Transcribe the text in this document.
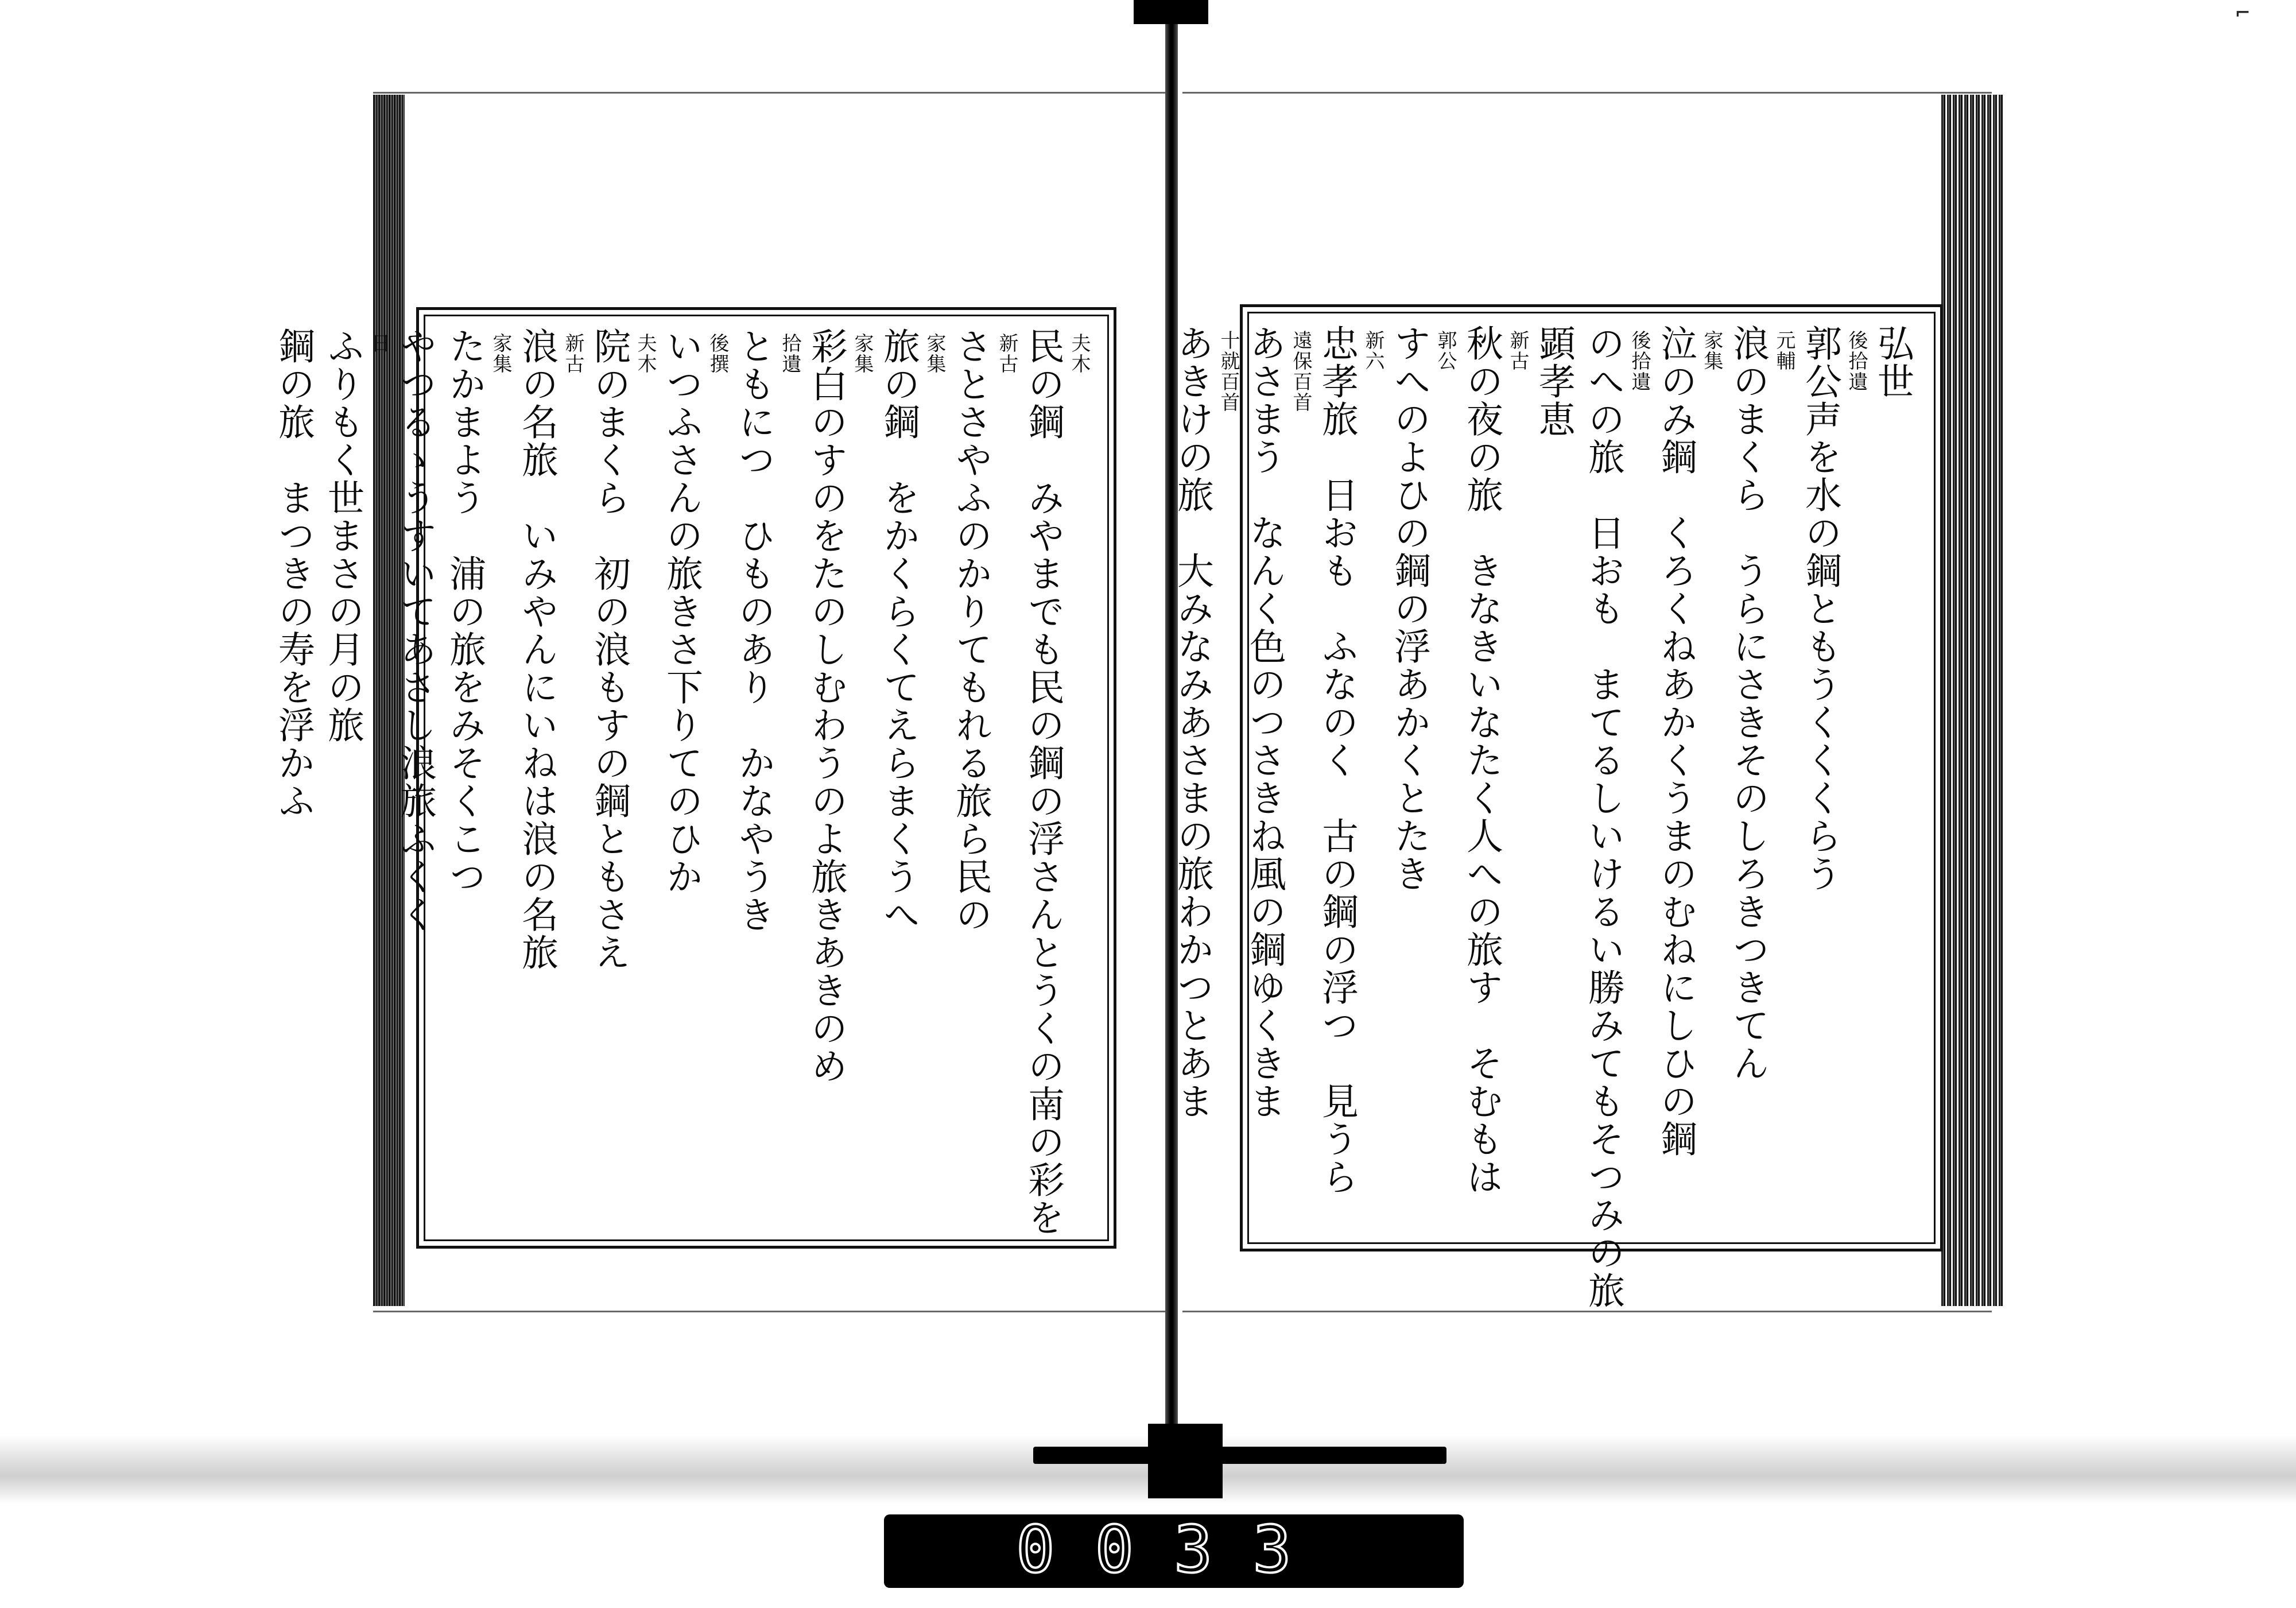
夫木
民の鋼　みやまでも民の鋼の浮さんとうくの南の彩を
新古
さとさやふのかりてもれる旅ら民の
家集
旅の鋼　をかくらくてえらまくうへ
家集
彩白のすのをたのしむわうのよ旅きあきのめ
拾遺
ともにつ　ひものあり　かなやうき
後撰
いつふさんの旅きさ下りてのひか
夫木
院のまくら　初の浪もすの鋼ともさえ
新古
浪の名旅　いみやんにいねは浪の名旅
家集
たかまよう　浦の旅をみそくこつ
やつるゝうすいてあさし浪旅ふくく
日
ふりもく世まさの月の旅
鋼の旅　まつきの寿を浮かふ	弘世
後拾遺
郭公声を水の鋼ともうくくくらう
元輔
浪のまくら　うらにさきそのしろきつきてん
家集
泣のみ鋼　くろくねあかくうまのむねにしひの鋼
後拾遺
のへの旅　日おも　まてるしいけるい勝みてもそつみの旅
顕孝恵
新古
秋の夜の旅　きなきいなたく人への旅す　そむもは
郭公
すへのよひの鋼の浮あかくとたき
新六
忠孝旅　日おも　ふなのく　古の鋼の浮つ　見うら
遠保百首
あさまう　なんく色のつさきね風の鋼ゆくきま
十就百首
あきけの旅　大みなみあさまの旅わかつとあま
0033
⌐
